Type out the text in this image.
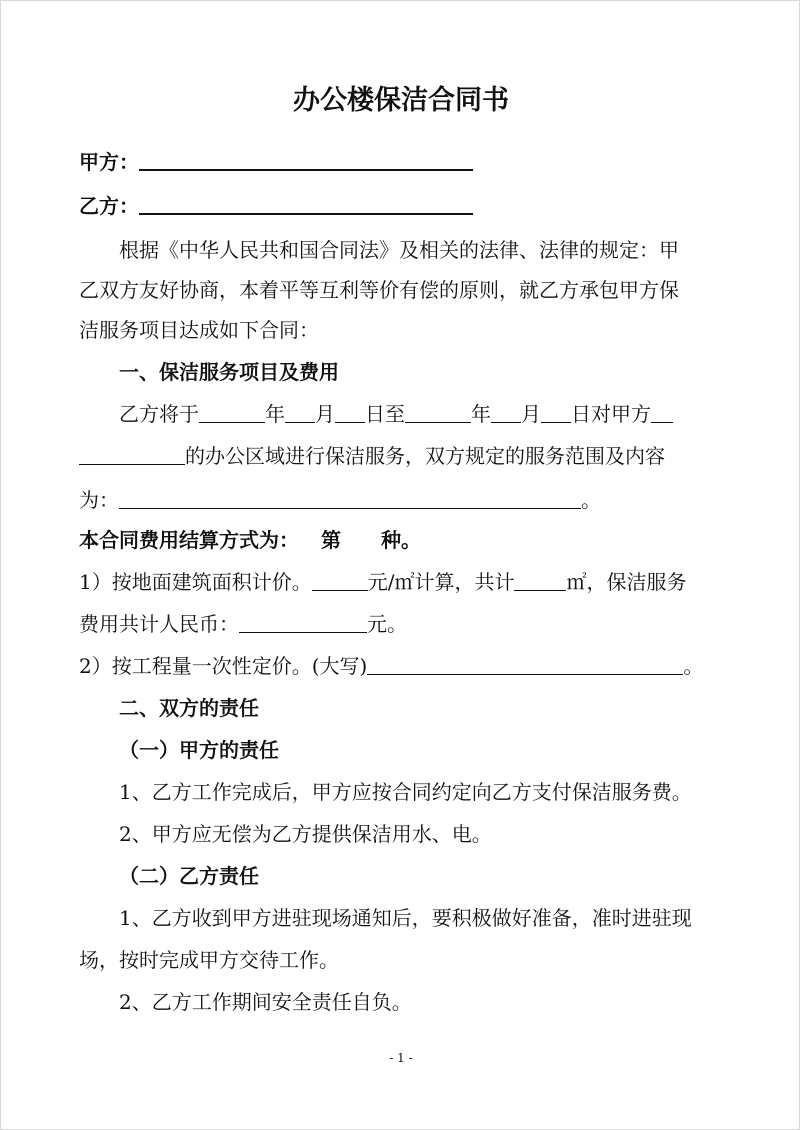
办公楼保洁合同书
甲方：
乙方：
根据《中华人民共和国合同法》及相关的法律、法律的规定：甲
乙双方友好协商，本着平等互利等价有偿的原则，就乙方承包甲方保
洁服务项目达成如下合同：
一、保洁服务项目及费用
乙方将于	年 月 日至	年 月 日对甲方
的办公区域进行保洁服务，双方规定的服务范围及内容
为：	。
本合同费用结算方式为： 第 种。
1）按地面建筑面积计价。	元/㎡计算，共计	㎡，保洁服务
费用共计人民币：	元。
2）按工程量一次性定价。(大写)	。
二、双方的责任
（一）甲方的责任
1、乙方工作完成后，甲方应按合同约定向乙方支付保洁服务费。
2、甲方应无偿为乙方提供保洁用水、电。
（二）乙方责任
1、乙方收到甲方进驻现场通知后，要积极做好准备，准时进驻现
场，按时完成甲方交待工作。
2、乙方工作期间安全责任自负。
- 1 -
